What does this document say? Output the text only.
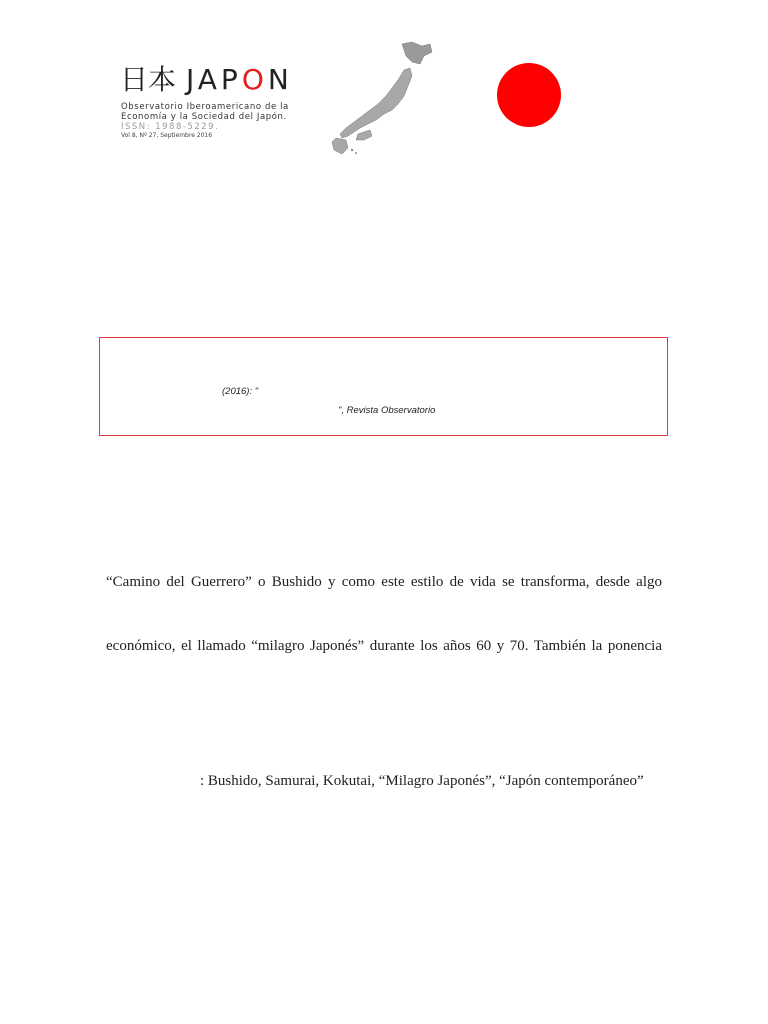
日本 JAPON
Observatorio Iberoamericano de la
Economía y la Sociedad del Japón.
ISSN: 1988-5229.
Vol 8, Nº 27, Septiembre 2016
(2016): "
", Revista Observatorio
“Camino del Guerrero” o Bushido y como este estilo de vida se transforma, desde algo
económico, el llamado “milagro Japonés” durante los años 60 y 70. También la ponencia
: Bushido, Samurai, Kokutai, “Milagro Japonés”, “Japón contemporáneo”
